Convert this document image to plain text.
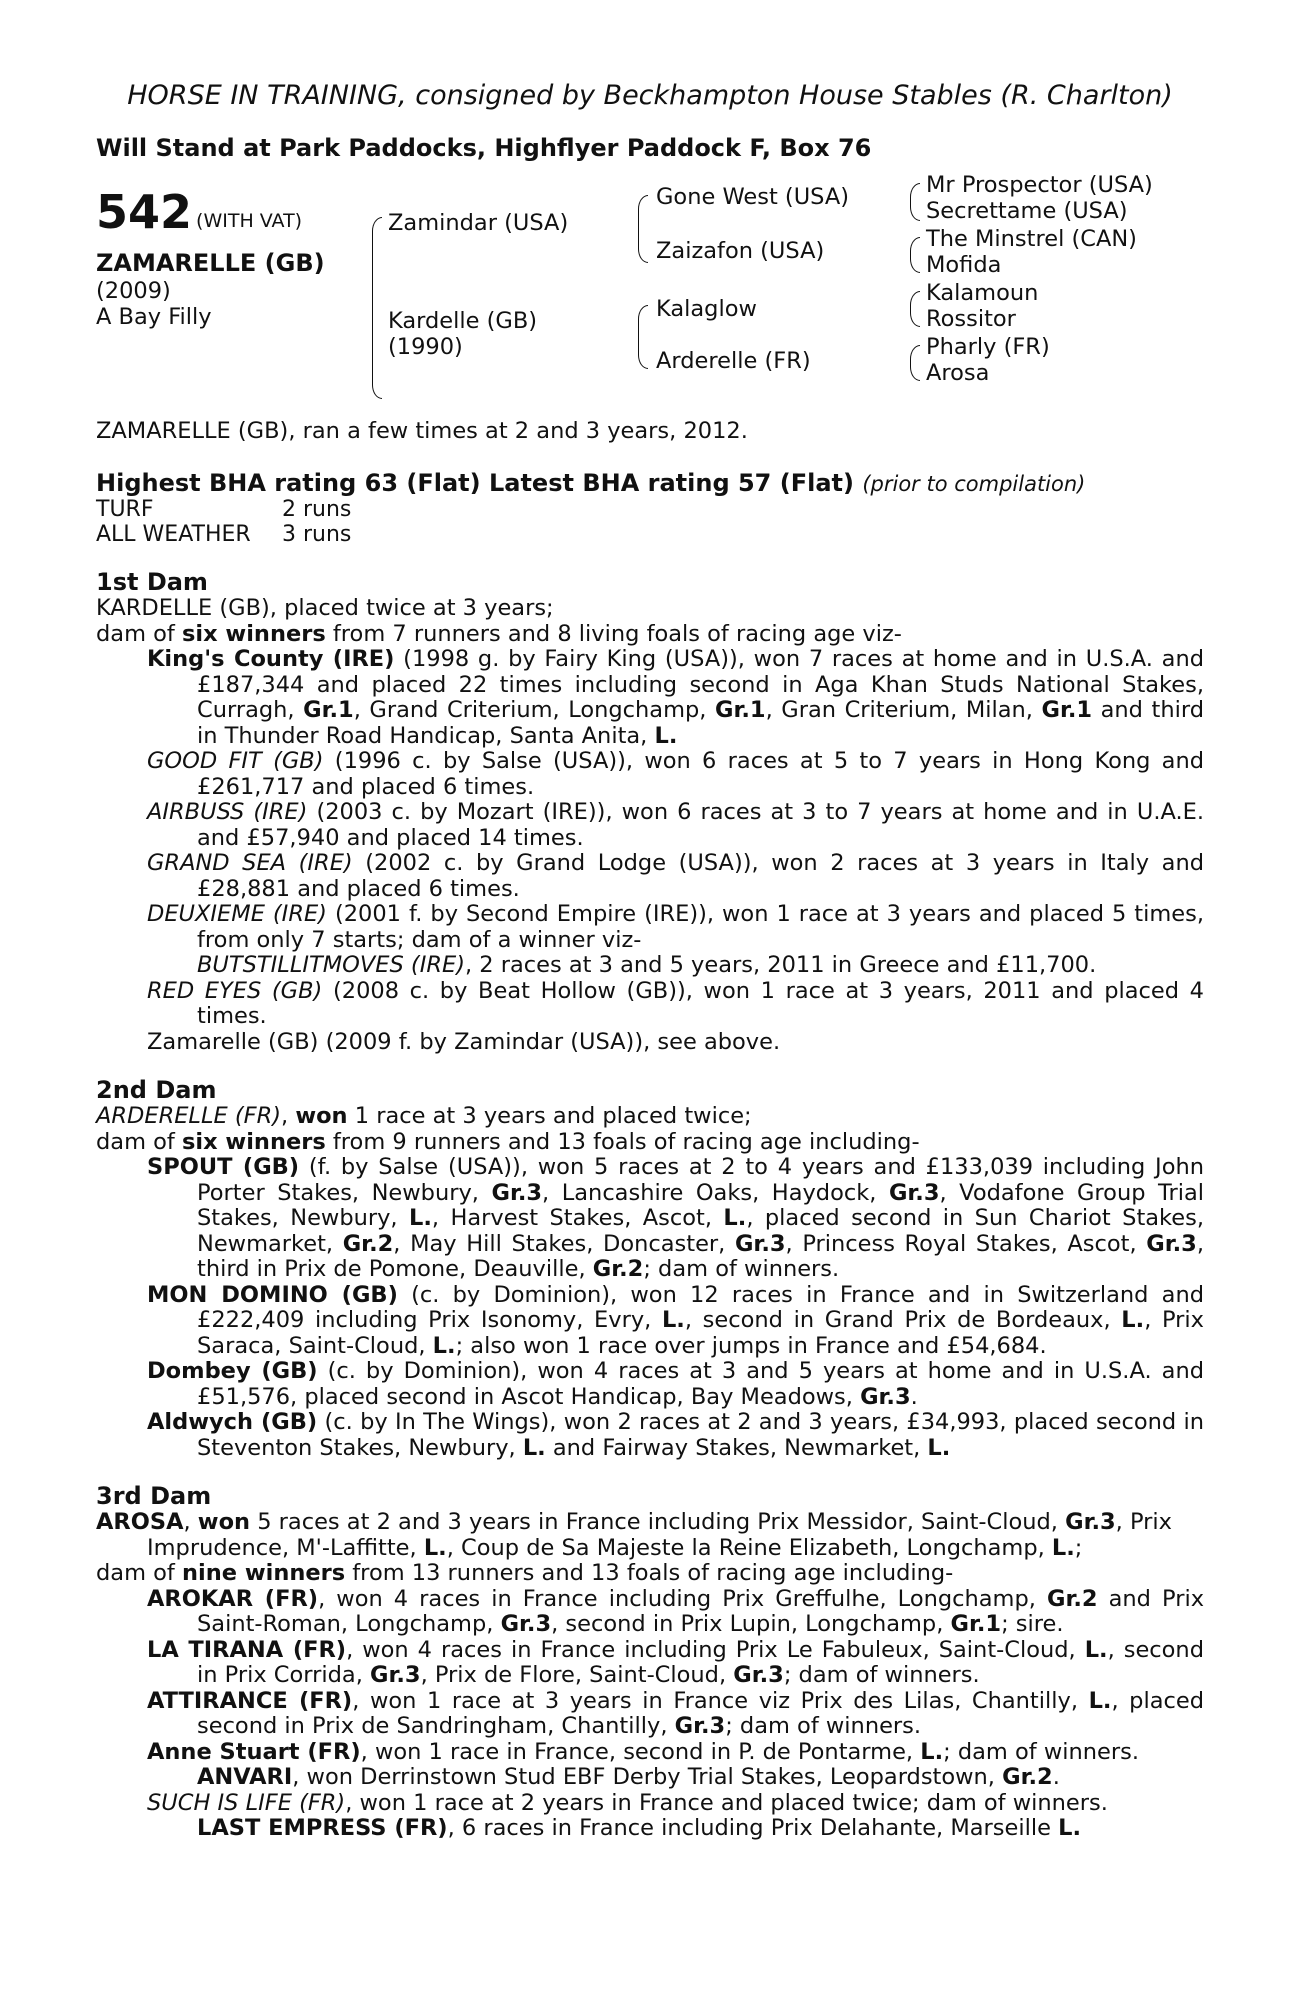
HORSE IN TRAINING, consigned by Beckhampton House Stables (R. Charlton)
Will Stand at Park Paddocks, Highflyer Paddock F, Box 76
542 (WITH VAT)
ZAMARELLE (GB)
(2009)
A Bay Filly
Zamindar (USA)
Kardelle (GB)
(1990)
Gone West (USA)
Zaizafon (USA)
Kalaglow
Arderelle (FR)
Mr Prospector (USA)
Secrettame (USA)
The Minstrel (CAN)
Mofida
Kalamoun
Rossitor
Pharly (FR)
Arosa
ZAMARELLE (GB), ran a few times at 2 and 3 years, 2012.
Highest BHA rating 63 (Flat) Latest BHA rating 57 (Flat) (prior to compilation)
TURF	2 runs
ALL WEATHER	3 runs
1st Dam
KARDELLE (GB), placed twice at 3 years;
dam of six winners from 7 runners and 8 living foals of racing age viz-
King's County (IRE) (1998 g. by Fairy King (USA)), won 7 races at home and in U.S.A. and £187,344 and placed 22 times including second in Aga Khan Studs National Stakes, Curragh, Gr.1, Grand Criterium, Longchamp, Gr.1, Gran Criterium, Milan, Gr.1 and third in Thunder Road Handicap, Santa Anita, L.
GOOD FIT (GB) (1996 c. by Salse (USA)), won 6 races at 5 to 7 years in Hong Kong and £261,717 and placed 6 times.
AIRBUSS (IRE) (2003 c. by Mozart (IRE)), won 6 races at 3 to 7 years at home and in U.A.E. and £57,940 and placed 14 times.
GRAND SEA (IRE) (2002 c. by Grand Lodge (USA)), won 2 races at 3 years in Italy and £28,881 and placed 6 times.
DEUXIEME (IRE) (2001 f. by Second Empire (IRE)), won 1 race at 3 years and placed 5 times, from only 7 starts; dam of a winner viz-
BUTSTILLITMOVES (IRE), 2 races at 3 and 5 years, 2011 in Greece and £11,700.
RED EYES (GB) (2008 c. by Beat Hollow (GB)), won 1 race at 3 years, 2011 and placed 4 times.
Zamarelle (GB) (2009 f. by Zamindar (USA)), see above.
2nd Dam
ARDERELLE (FR), won 1 race at 3 years and placed twice;
dam of six winners from 9 runners and 13 foals of racing age including-
SPOUT (GB) (f. by Salse (USA)), won 5 races at 2 to 4 years and £133,039 including John Porter Stakes, Newbury, Gr.3, Lancashire Oaks, Haydock, Gr.3, Vodafone Group Trial Stakes, Newbury, L., Harvest Stakes, Ascot, L., placed second in Sun Chariot Stakes, Newmarket, Gr.2, May Hill Stakes, Doncaster, Gr.3, Princess Royal Stakes, Ascot, Gr.3, third in Prix de Pomone, Deauville, Gr.2; dam of winners.
MON DOMINO (GB) (c. by Dominion), won 12 races in France and in Switzerland and £222,409 including Prix Isonomy, Evry, L., second in Grand Prix de Bordeaux, L., Prix Saraca, Saint-Cloud, L.; also won 1 race over jumps in France and £54,684.
Dombey (GB) (c. by Dominion), won 4 races at 3 and 5 years at home and in U.S.A. and £51,576, placed second in Ascot Handicap, Bay Meadows, Gr.3.
Aldwych (GB) (c. by In The Wings), won 2 races at 2 and 3 years, £34,993, placed second in Steventon Stakes, Newbury, L. and Fairway Stakes, Newmarket, L.
3rd Dam
AROSA, won 5 races at 2 and 3 years in France including Prix Messidor, Saint-Cloud, Gr.3, Prix Imprudence, M'-Laffitte, L., Coup de Sa Majeste la Reine Elizabeth, Longchamp, L.;
dam of nine winners from 13 runners and 13 foals of racing age including-
AROKAR (FR), won 4 races in France including Prix Greffulhe, Longchamp, Gr.2 and Prix Saint-Roman, Longchamp, Gr.3, second in Prix Lupin, Longchamp, Gr.1; sire.
LA TIRANA (FR), won 4 races in France including Prix Le Fabuleux, Saint-Cloud, L., second in Prix Corrida, Gr.3, Prix de Flore, Saint-Cloud, Gr.3; dam of winners.
ATTIRANCE (FR), won 1 race at 3 years in France viz Prix des Lilas, Chantilly, L., placed second in Prix de Sandringham, Chantilly, Gr.3; dam of winners.
Anne Stuart (FR), won 1 race in France, second in P. de Pontarme, L.; dam of winners.
ANVARI, won Derrinstown Stud EBF Derby Trial Stakes, Leopardstown, Gr.2.
SUCH IS LIFE (FR), won 1 race at 2 years in France and placed twice; dam of winners.
LAST EMPRESS (FR), 6 races in France including Prix Delahante, Marseille L.
